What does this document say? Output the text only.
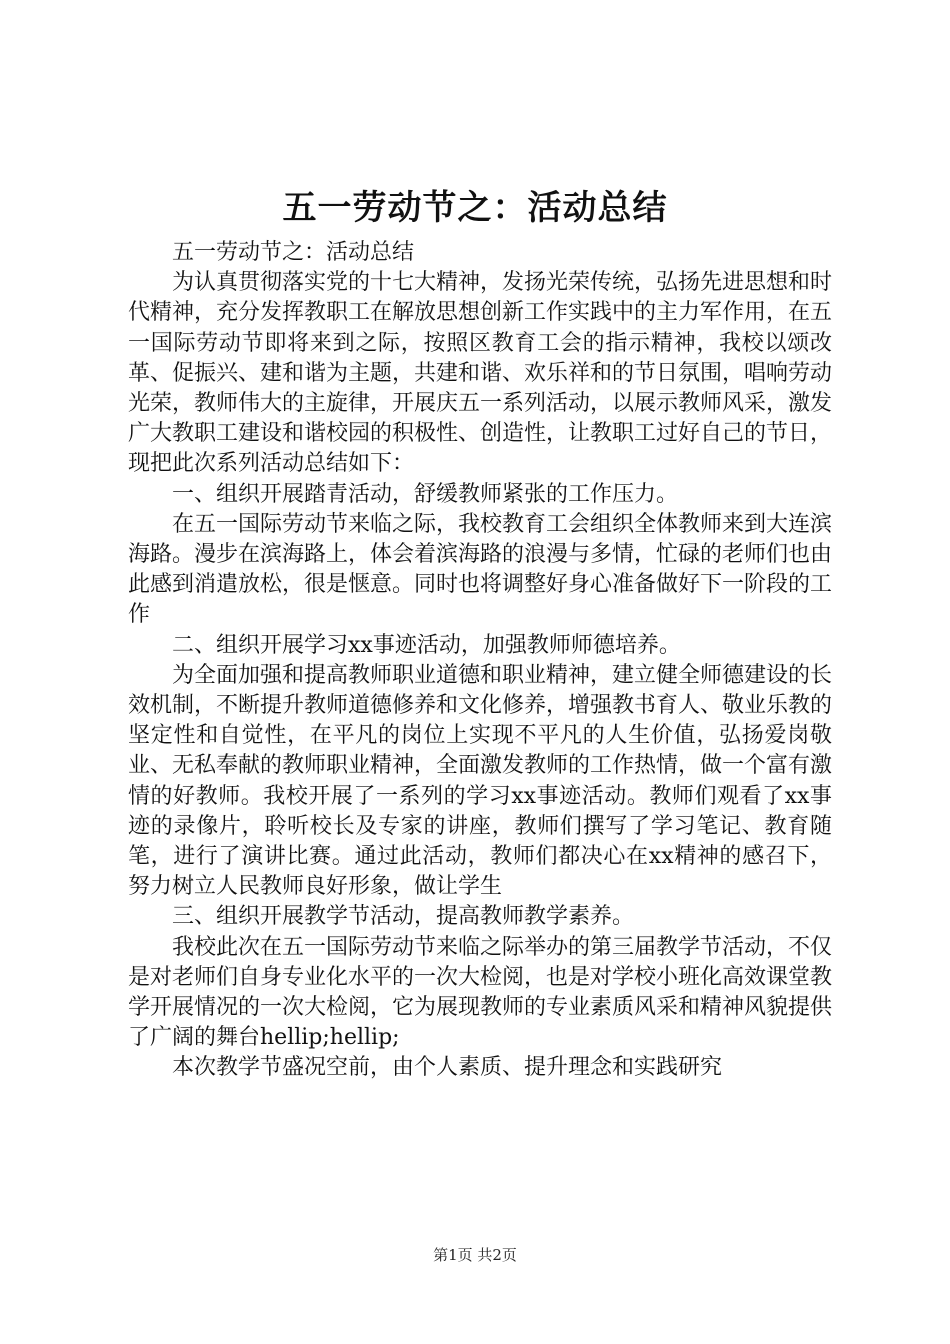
五一劳动节之：活动总结

五一劳动节之：活动总结

为认真贯彻落实党的十七大精神，发扬光荣传统，弘扬先进思想和时代精神，充分发挥教职工在解放思想创新工作实践中的主力军作用，在五一国际劳动节即将来到之际，按照区教育工会的指示精神，我校以颂改革、促振兴、建和谐为主题，共建和谐、欢乐祥和的节日氛围，唱响劳动光荣，教师伟大的主旋律，开展庆五一系列活动，以展示教师风采，激发广大教职工建设和谐校园的积极性、创造性，让教职工过好自己的节日，现把此次系列活动总结如下：

一、组织开展踏青活动，舒缓教师紧张的工作压力。

在五一国际劳动节来临之际，我校教育工会组织全体教师来到大连滨海路。漫步在滨海路上，体会着滨海路的浪漫与多情，忙碌的老师们也由此感到消遣放松，很是惬意。同时也将调整好身心准备做好下一阶段的工作

二、组织开展学习xx事迹活动，加强教师师德培养。

为全面加强和提高教师职业道德和职业精神，建立健全师德建设的长效机制，不断提升教师道德修养和文化修养，增强教书育人、敬业乐教的坚定性和自觉性，在平凡的岗位上实现不平凡的人生价值，弘扬爱岗敬业、无私奉献的教师职业精神，全面激发教师的工作热情，做一个富有激情的好教师。我校开展了一系列的学习xx事迹活动。教师们观看了xx事迹的录像片，聆听校长及专家的讲座，教师们撰写了学习笔记、教育随笔，进行了演讲比赛。通过此活动，教师们都决心在xx精神的感召下，努力树立人民教师良好形象，做让学生

三、组织开展教学节活动，提高教师教学素养。

我校此次在五一国际劳动节来临之际举办的第三届教学节活动，不仅是对老师们自身专业化水平的一次大检阅，也是对学校小班化高效课堂教学开展情况的一次大检阅，它为展现教师的专业素质风采和精神风貌提供了广阔的舞台hellip;hellip;

本次教学节盛况空前，由个人素质、提升理念和实践研究

第1页 共2页
